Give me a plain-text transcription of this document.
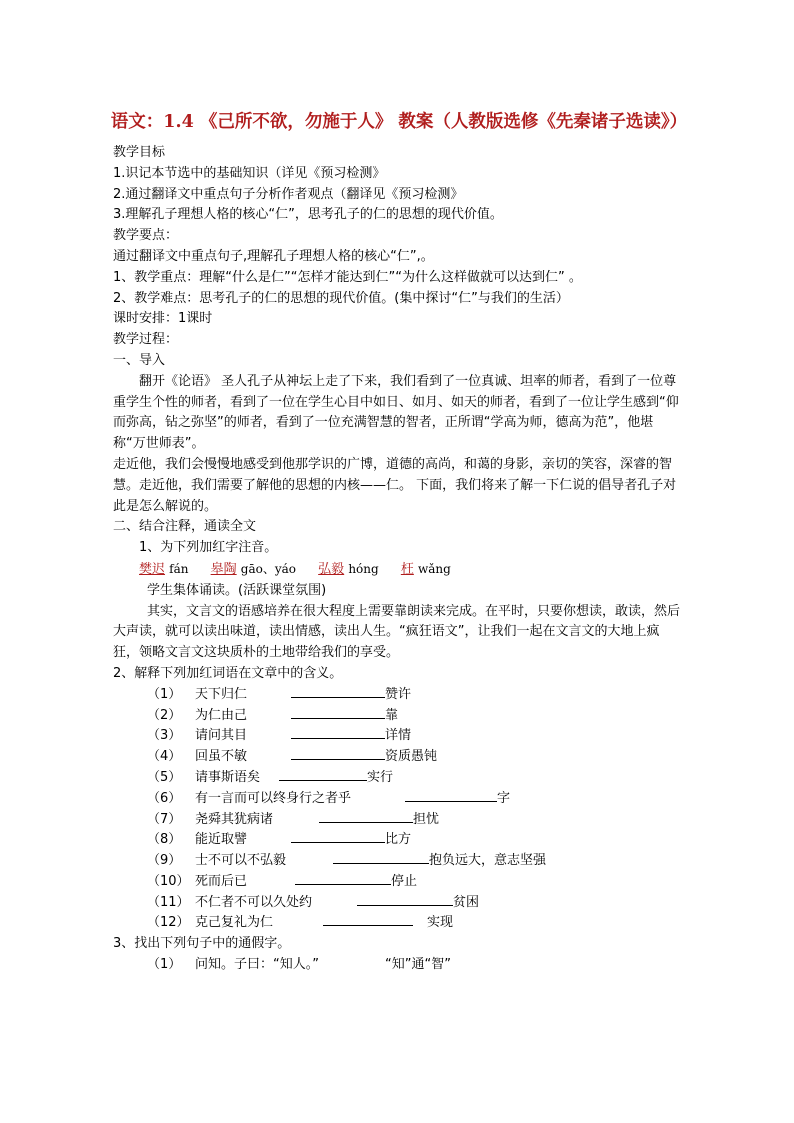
语文：1.4 《己所不欲，勿施于人》 教案（人教版选修《先秦诸子选读》）
教学目标
1.识记本节选中的基础知识（详见《预习检测》
2.通过翻译文中重点句子分析作者观点（翻译见《预习检测》
3.理解孔子理想人格的核心“仁”，思考孔子的仁的思想的现代价值。
教学要点：
通过翻译文中重点句子,理解孔子理想人格的核心“仁”,。
1、教学重点：理解“什么是仁”“怎样才能达到仁”“为什么这样做就可以达到仁” 。
2、教学难点：思考孔子的仁的思想的现代价值。(集中探讨“仁”与我们的生活）
课时安排：1课时
教学过程：
一、导入
翻开《论语》 圣人孔子从神坛上走了下来，我们看到了一位真诚、坦率的师者，看到了一位尊重学生个性的师者，看到了一位在学生心目中如日、如月、如天的师者，看到了一位让学生感到“仰而弥高，钻之弥坚”的师者，看到了一位充满智慧的智者，正所谓“学高为师，德高为范”，他堪称“万世师表”。
走近他，我们会慢慢地感受到他那学识的广博，道德的高尚，和蔼的身影，亲切的笑容，深睿的智慧。走近他，我们需要了解他的思想的内核——仁。 下面，我们将来了解一下仁说的倡导者孔子对此是怎么解说的。
二、结合注释，通读全文
1、为下列加红字注音。
樊迟 fán 皋陶 gāo、yáo 弘毅 hóng 枉 wǎng
学生集体诵读。(活跃课堂氛围)
其实，文言文的语感培养在很大程度上需要靠朗读来完成。在平时，只要你想读，敢读，然后大声读，就可以读出味道，读出情感，读出人生。“疯狂语文”，让我们一起在文言文的大地上疯狂，领略文言文这块质朴的土地带给我们的享受。
2、解释下列加红词语在文章中的含义。
（1）	天下归仁	赞许
（2）	为仁由己	靠
（3）	请问其目	详情
（4）	回虽不敏	资质愚钝
（5）	请事斯语矣	实行
（6）	有一言而可以终身行之者乎	字
（7）	尧舜其犹病诸	担忧
（8）	能近取譬	比方
（9）	士不可以不弘毅	抱负远大，意志坚强
（10） 死而后已	停止
（11） 不仁者不可以久处约	贫困
（12） 克己复礼为仁	实现
3、找出下列句子中的通假字。
（1）	问知。子曰：“知人。”	“知”通“智”
